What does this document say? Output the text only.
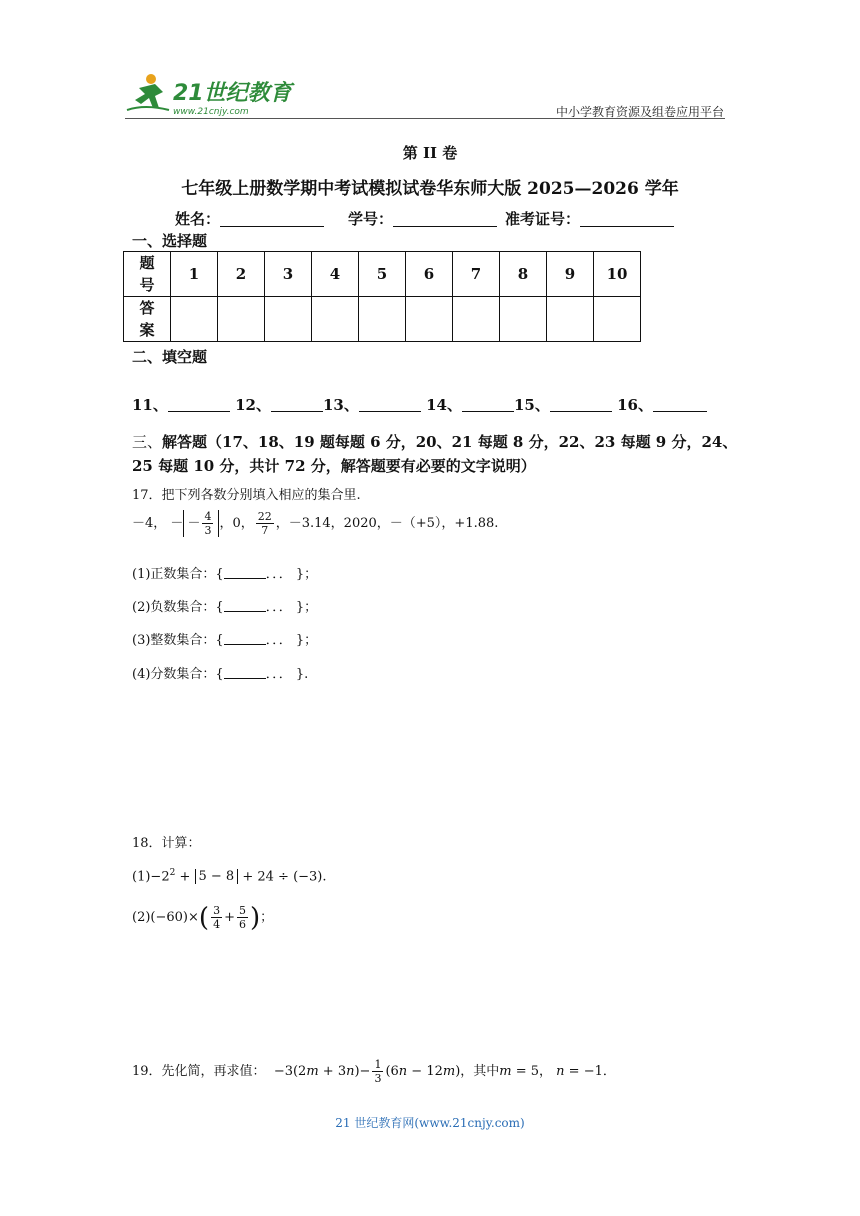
21世纪教育
www.21cnjy.com	中小学教育资源及组卷应用平台
第 II 卷
七年级上册数学期中考试模拟试卷华东师大版 2025—2026 学年
姓名：	学号：	准考证号：
一、选择题
题
号	1	2	3	4	5	6	7	8	9	10
答
案										
二、填空题
11、	12、	13、	14、	15、	16、
三、解答题（17、18、19 题每题 6 分，20、21 每题 8 分，22、23 每题 9 分，24、25 每题 10 分，共计 72 分，解答题要有必要的文字说明）
17．把下列各数分别填入相应的集合里.
－4， － － $\frac{4}{3}$ ，0， $\frac{22}{7}$ ，－3.14，2020，－（+5），+1.88.
(1)正数集合：{	．．． }；
(2)负数集合：{	．．． }；
(3)整数集合：{	．．． }；
(4)分数集合：{	．．． }.
18．计算：
$(1)-2^2 + 5 - 8 + 24 \div (-3)$.
$(2)(-60)\times( \frac{3}{4} + \frac{5}{6}$ )；
19．先化简，再求值： $-3(2m + 3n)- \frac{1}{3} (6n - 12m)$，其中m = 5， n = −1．
21 世纪教育网(www.21cnjy.com)
